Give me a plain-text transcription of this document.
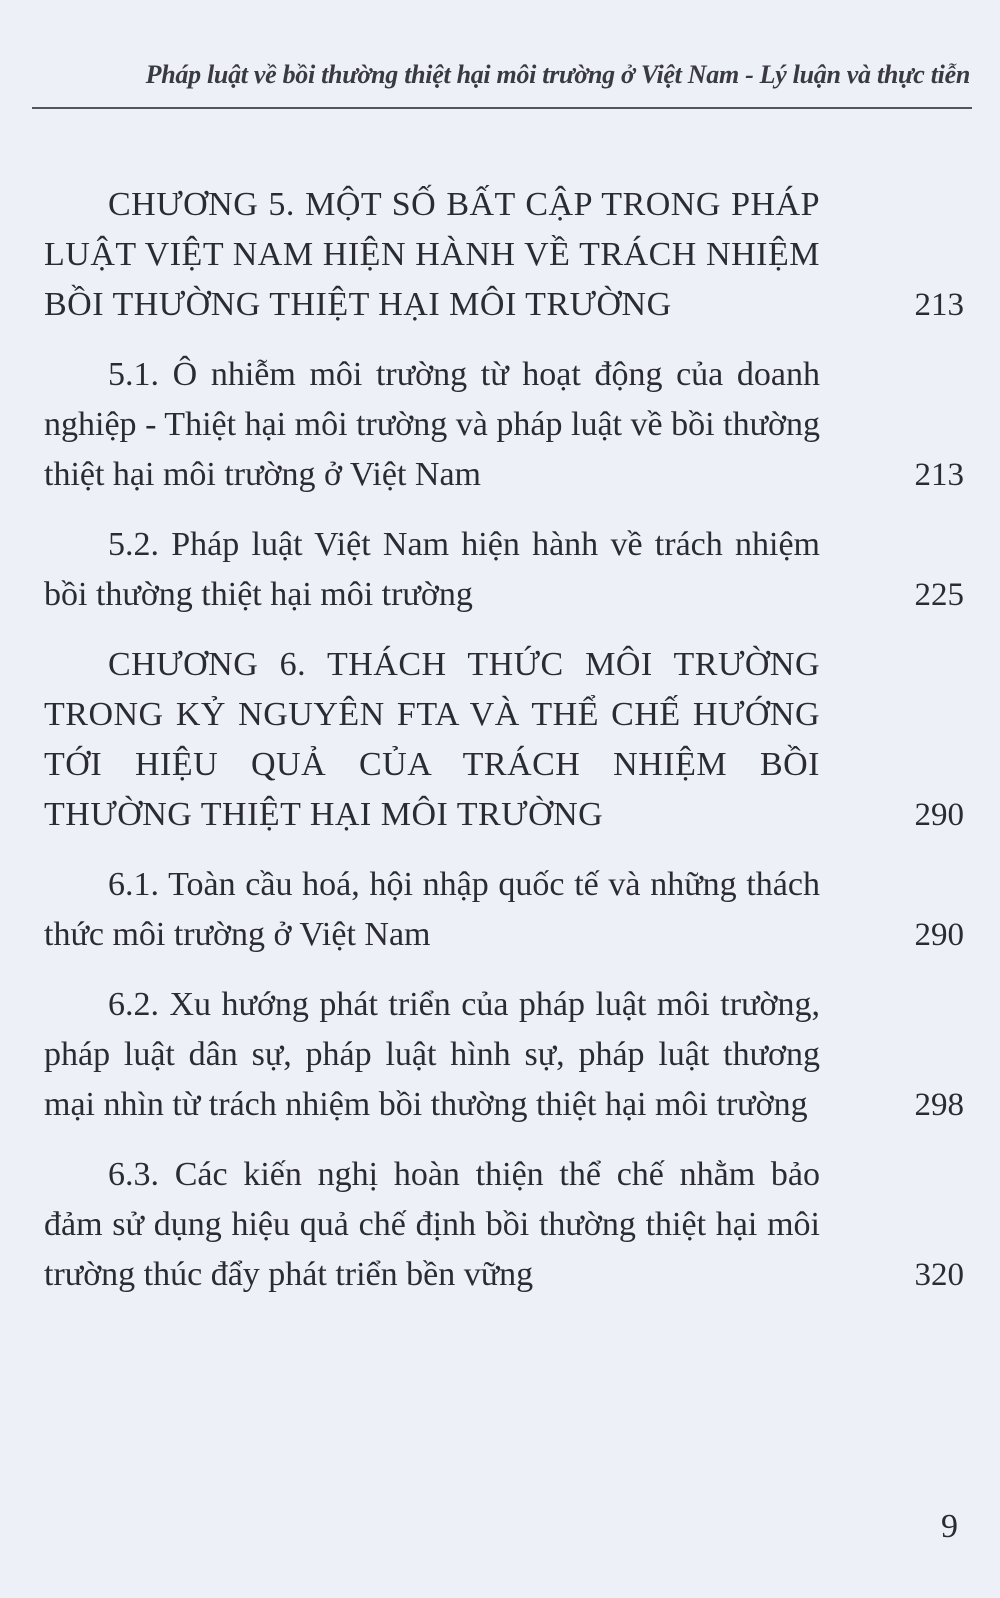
Pháp luật về bồi thường thiệt hại môi trường ở Việt Nam - Lý luận và thực tiễn
CHƯƠNG 5. MỘT SỐ BẤT CẬP TRONG PHÁP LUẬT VIỆT NAM HIỆN HÀNH VỀ TRÁCH NHIỆM BỒI THƯỜNG THIỆT HẠI MÔI TRƯỜNG	213
5.1. Ô nhiễm môi trường từ hoạt động của doanh nghiệp - Thiệt hại môi trường và pháp luật về bồi thường thiệt hại môi trường ở Việt Nam	213
5.2. Pháp luật Việt Nam hiện hành về trách nhiệm bồi thường thiệt hại môi trường	225
CHƯƠNG 6. THÁCH THỨC MÔI TRƯỜNG TRONG KỶ NGUYÊN FTA VÀ THỂ CHẾ HƯỚNG TỚI HIỆU QUẢ CỦA TRÁCH NHIỆM BỒI THƯỜNG THIỆT HẠI MÔI TRƯỜNG	290
6.1. Toàn cầu hoá, hội nhập quốc tế và những thách thức môi trường ở Việt Nam	290
6.2. Xu hướng phát triển của pháp luật môi trường, pháp luật dân sự, pháp luật hình sự, pháp luật thương mại nhìn từ trách nhiệm bồi thường thiệt hại môi trường	298
6.3. Các kiến nghị hoàn thiện thể chế nhằm bảo đảm sử dụng hiệu quả chế định bồi thường thiệt hại môi trường thúc đẩy phát triển bền vững	320
9
